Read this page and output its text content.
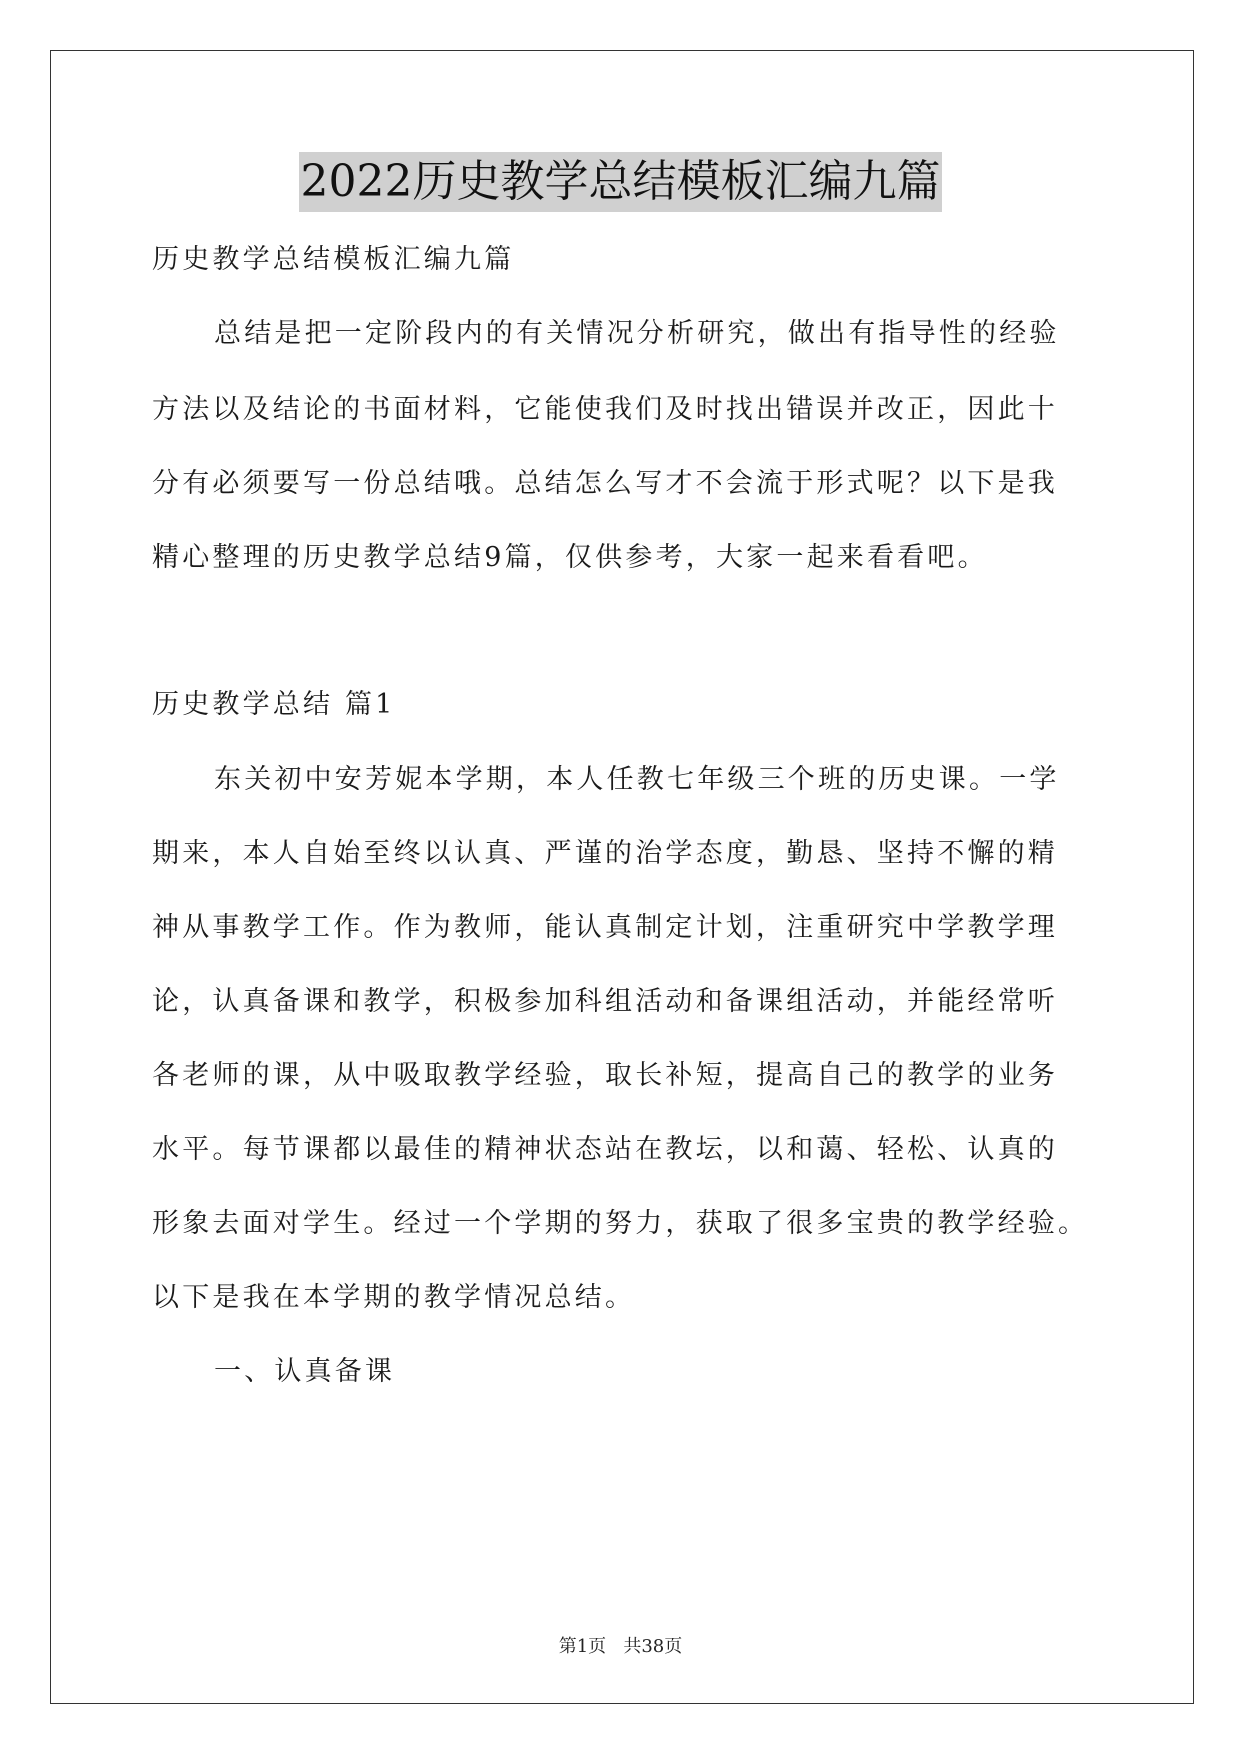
2022历史教学总结模板汇编九篇
历史教学总结模板汇编九篇
总结是把一定阶段内的有关情况分析研究，做出有指导性的经验
方法以及结论的书面材料，它能使我们及时找出错误并改正，因此十
分有必须要写一份总结哦。总结怎么写才不会流于形式呢？以下是我
精心整理的历史教学总结9篇，仅供参考，大家一起来看看吧。
历史教学总结 篇1
东关初中安芳妮本学期，本人任教七年级三个班的历史课。一学
期来，本人自始至终以认真、严谨的治学态度，勤恳、坚持不懈的精
神从事教学工作。作为教师，能认真制定计划，注重研究中学教学理
论，认真备课和教学，积极参加科组活动和备课组活动，并能经常听
各老师的课，从中吸取教学经验，取长补短，提高自己的教学的业务
水平。每节课都以最佳的精神状态站在教坛，以和蔼、轻松、认真的
形象去面对学生。经过一个学期的努力，获取了很多宝贵的教学经验。
以下是我在本学期的教学情况总结。
一、认真备课
第1页   共38页
